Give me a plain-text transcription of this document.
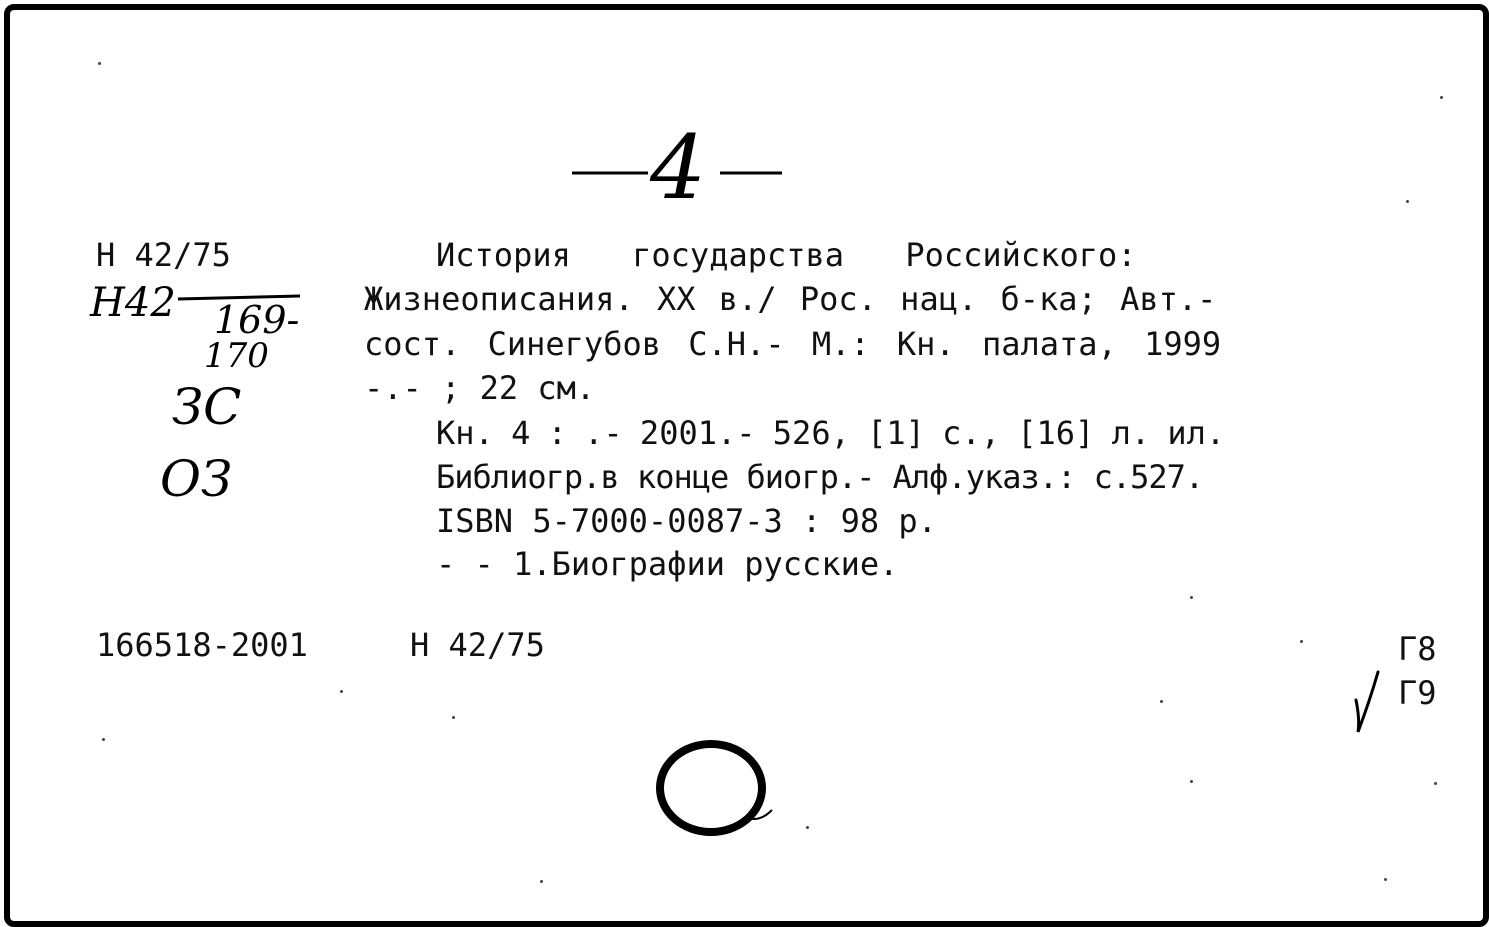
4
Н 42/75
Н42 169-
170
ЗС
ОЗ
История государства Российского:
Жизнеописания. XX в./ Рос. нац. б-ка; Авт.-
сост. Синегубов С.Н.- М.: Кн. палата, 1999
-.- ; 22 см.
Кн. 4 : .- 2001.- 526, [1] с., [16] л. ил.
Библиогр.в конце биогр.- Алф.указ.: с.527.
ISBN 5-7000-0087-3 : 98 р.
- - 1.Биографии русские.
166518-2001	Н 42/75	Г8
Г9
